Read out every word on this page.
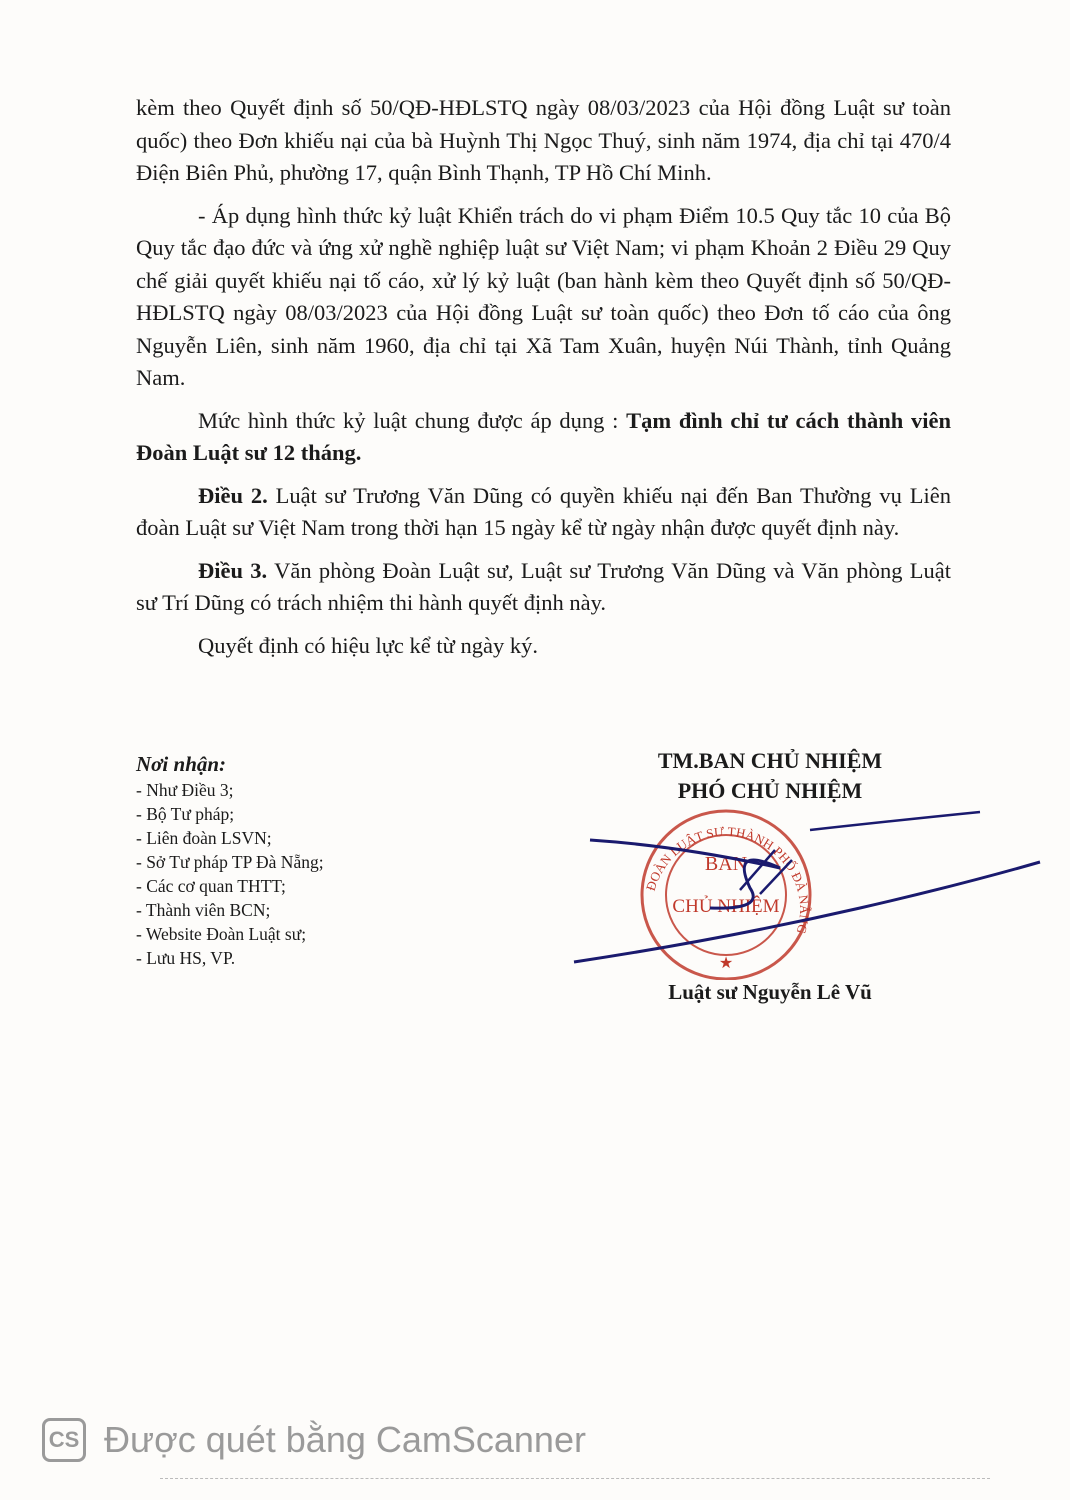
kèm theo Quyết định số 50/QĐ-HĐLSTQ ngày 08/03/2023 của Hội đồng Luật sư toàn quốc) theo Đơn khiếu nại của bà Huỳnh Thị Ngọc Thuý, sinh năm 1974, địa chỉ tại 470/4 Điện Biên Phủ, phường 17, quận Bình Thạnh, TP Hồ Chí Minh.

- Áp dụng hình thức kỷ luật Khiển trách do vi phạm Điểm 10.5 Quy tắc 10 của Bộ Quy tắc đạo đức và ứng xử nghề nghiệp luật sư Việt Nam; vi phạm Khoản 2 Điều 29 Quy chế giải quyết khiếu nại tố cáo, xử lý kỷ luật (ban hành kèm theo Quyết định số 50/QĐ-HĐLSTQ ngày 08/03/2023 của Hội đồng Luật sư toàn quốc) theo Đơn tố cáo của ông Nguyễn Liên, sinh năm 1960, địa chỉ tại Xã Tam Xuân, huyện Núi Thành, tỉnh Quảng Nam.

Mức hình thức kỷ luật chung được áp dụng : Tạm đình chỉ tư cách thành viên Đoàn Luật sư 12 tháng.

Điều 2. Luật sư Trương Văn Dũng có quyền khiếu nại đến Ban Thường vụ Liên đoàn Luật sư Việt Nam trong thời hạn 15 ngày kể từ ngày nhận được quyết định này.

Điều 3. Văn phòng Đoàn Luật sư, Luật sư Trương Văn Dũng và Văn phòng Luật sư Trí Dũng có trách nhiệm thi hành quyết định này.

Quyết định có hiệu lực kể từ ngày ký.

Nơi nhận:
- Như Điều 3;
- Bộ Tư pháp;
- Liên đoàn LSVN;
- Sở Tư pháp TP Đà Nẵng;
- Các cơ quan THTT;
- Thành viên BCN;
- Website Đoàn Luật sư;
- Lưu HS, VP.
TM.BAN CHỦ NHIỆM
PHÓ CHỦ NHIỆM
ĐOÀN LUẬT SƯ THÀNH PHỐ ĐÀ NẴNG
BAN
CHỦ NHIỆM
★
Luật sư Nguyễn Lê Vũ
CS Được quét bằng CamScanner
